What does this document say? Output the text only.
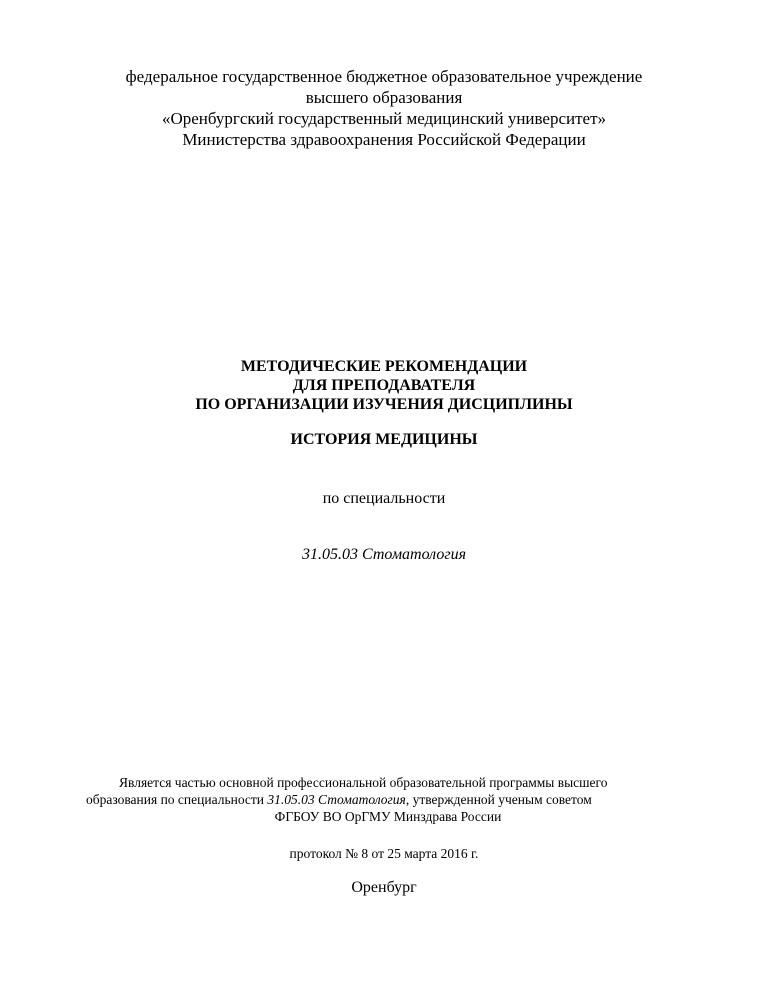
федеральное государственное бюджетное образовательное учреждение
высшего образования
«Оренбургский государственный медицинский университет»
Министерства здравоохранения Российской Федерации
МЕТОДИЧЕСКИЕ РЕКОМЕНДАЦИИ
ДЛЯ ПРЕПОДАВАТЕЛЯ
ПО ОРГАНИЗАЦИИ ИЗУЧЕНИЯ ДИСЦИПЛИНЫ
ИСТОРИЯ МЕДИЦИНЫ
по специальности
31.05.03 Стоматология
Является частью основной профессиональной образовательной программы высшего
образования по специальности 31.05.03 Стоматология, утвержденной ученым советом
ФГБОУ ВО ОрГМУ Минздрава России
протокол № 8 от 25 марта 2016 г.
Оренбург
